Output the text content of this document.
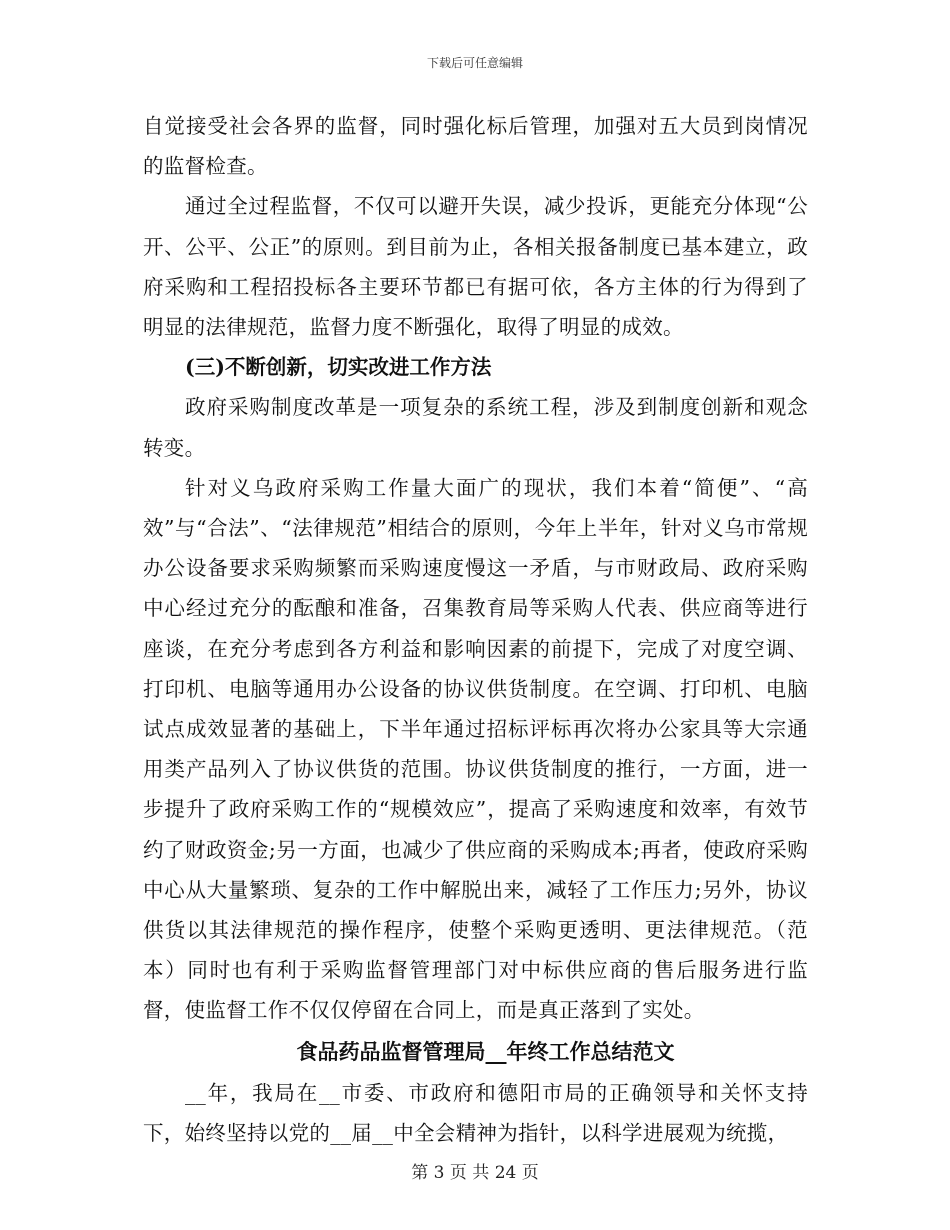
下载后可任意编辑

自觉接受社会各界的监督，同时强化标后管理，加强对五大员到岗情况的监督检查。

通过全过程监督，不仅可以避开失误，减少投诉，更能充分体现“公开、公平、公正”的原则。到目前为止，各相关报备制度已基本建立，政府采购和工程招投标各主要环节都已有据可依，各方主体的行为得到了明显的法律规范，监督力度不断强化，取得了明显的成效。

(三)不断创新，切实改进工作方法

政府采购制度改革是一项复杂的系统工程，涉及到制度创新和观念转变。

针对义乌政府采购工作量大面广的现状，我们本着“简便”、“高效”与“合法”、“法律规范”相结合的原则，今年上半年，针对义乌市常规办公设备要求采购频繁而采购速度慢这一矛盾，与市财政局、政府采购中心经过充分的酝酿和准备，召集教育局等采购人代表、供应商等进行座谈，在充分考虑到各方利益和影响因素的前提下，完成了对度空调、打印机、电脑等通用办公设备的协议供货制度。在空调、打印机、电脑试点成效显著的基础上，下半年通过招标评标再次将办公家具等大宗通用类产品列入了协议供货的范围。协议供货制度的推行，一方面，进一步提升了政府采购工作的“规模效应”，提高了采购速度和效率，有效节约了财政资金;另一方面，也减少了供应商的采购成本;再者，使政府采购中心从大量繁琐、复杂的工作中解脱出来，减轻了工作压力;另外，协议供货以其法律规范的操作程序，使整个采购更透明、更法律规范。（范本）同时也有利于采购监督管理部门对中标供应商的售后服务进行监督，使监督工作不仅仅停留在合同上，而是真正落到了实处。

食品药品监督管理局__年终工作总结范文

__年，我局在__市委、市政府和德阳市局的正确领导和关怀支持下，始终坚持以党的__届__中全会精神为指针，以科学进展观为统揽，

第 3 页 共 24 页
